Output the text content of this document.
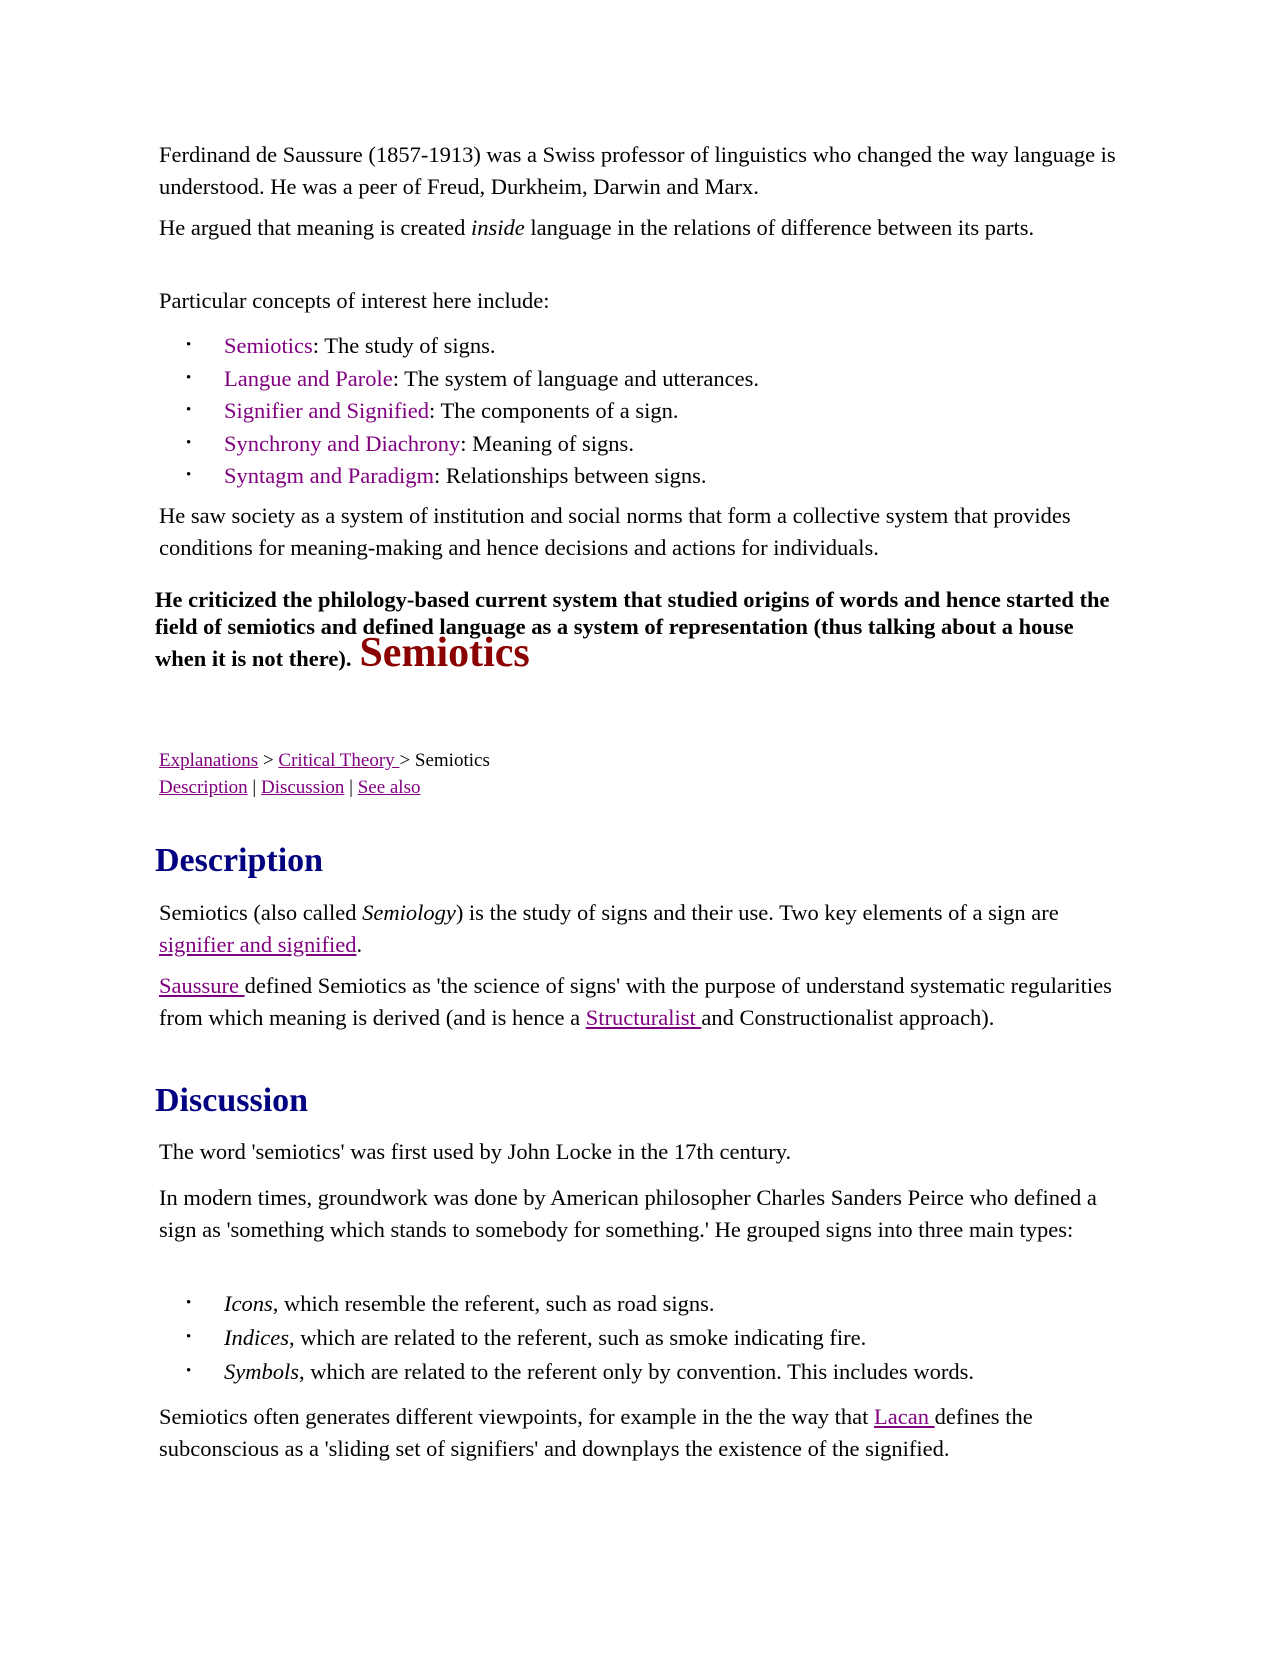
Ferdinand de Saussure (1857-1913) was a Swiss professor of linguistics who changed the way language is understood. He was a peer of Freud, Durkheim, Darwin and Marx.

He argued that meaning is created inside language in the relations of difference between its parts.

Particular concepts of interest here include:

• Semiotics: The study of signs.
• Langue and Parole: The system of language and utterances.
• Signifier and Signified: The components of a sign.
• Synchrony and Diachrony: Meaning of signs.
• Syntagm and Paradigm: Relationships between signs.

He saw society as a system of institution and social norms that form a collective system that provides conditions for meaning-making and hence decisions and actions for individuals.

He criticized the philology-based current system that studied origins of words and hence started the field of semiotics and defined language as a system of representation (thus talking about a house when it is not there). Semiotics
Explanations > Critical Theory > Semiotics
Description | Discussion | See also
Description

Semiotics (also called Semiology) is the study of signs and their use. Two key elements of a sign are signifier and signified.

Saussure defined Semiotics as 'the science of signs' with the purpose of understand systematic regularities from which meaning is derived (and is hence a Structuralist and Constructionalist approach).

Discussion

The word 'semiotics' was first used by John Locke in the 17th century.

In modern times, groundwork was done by American philosopher Charles Sanders Peirce who defined a sign as 'something which stands to somebody for something.' He grouped signs into three main types:

• Icons, which resemble the referent, such as road signs.
• Indices, which are related to the referent, such as smoke indicating fire.
• Symbols, which are related to the referent only by convention. This includes words.

Semiotics often generates different viewpoints, for example in the the way that Lacan defines the subconscious as a 'sliding set of signifiers' and downplays the existence of the signified.
